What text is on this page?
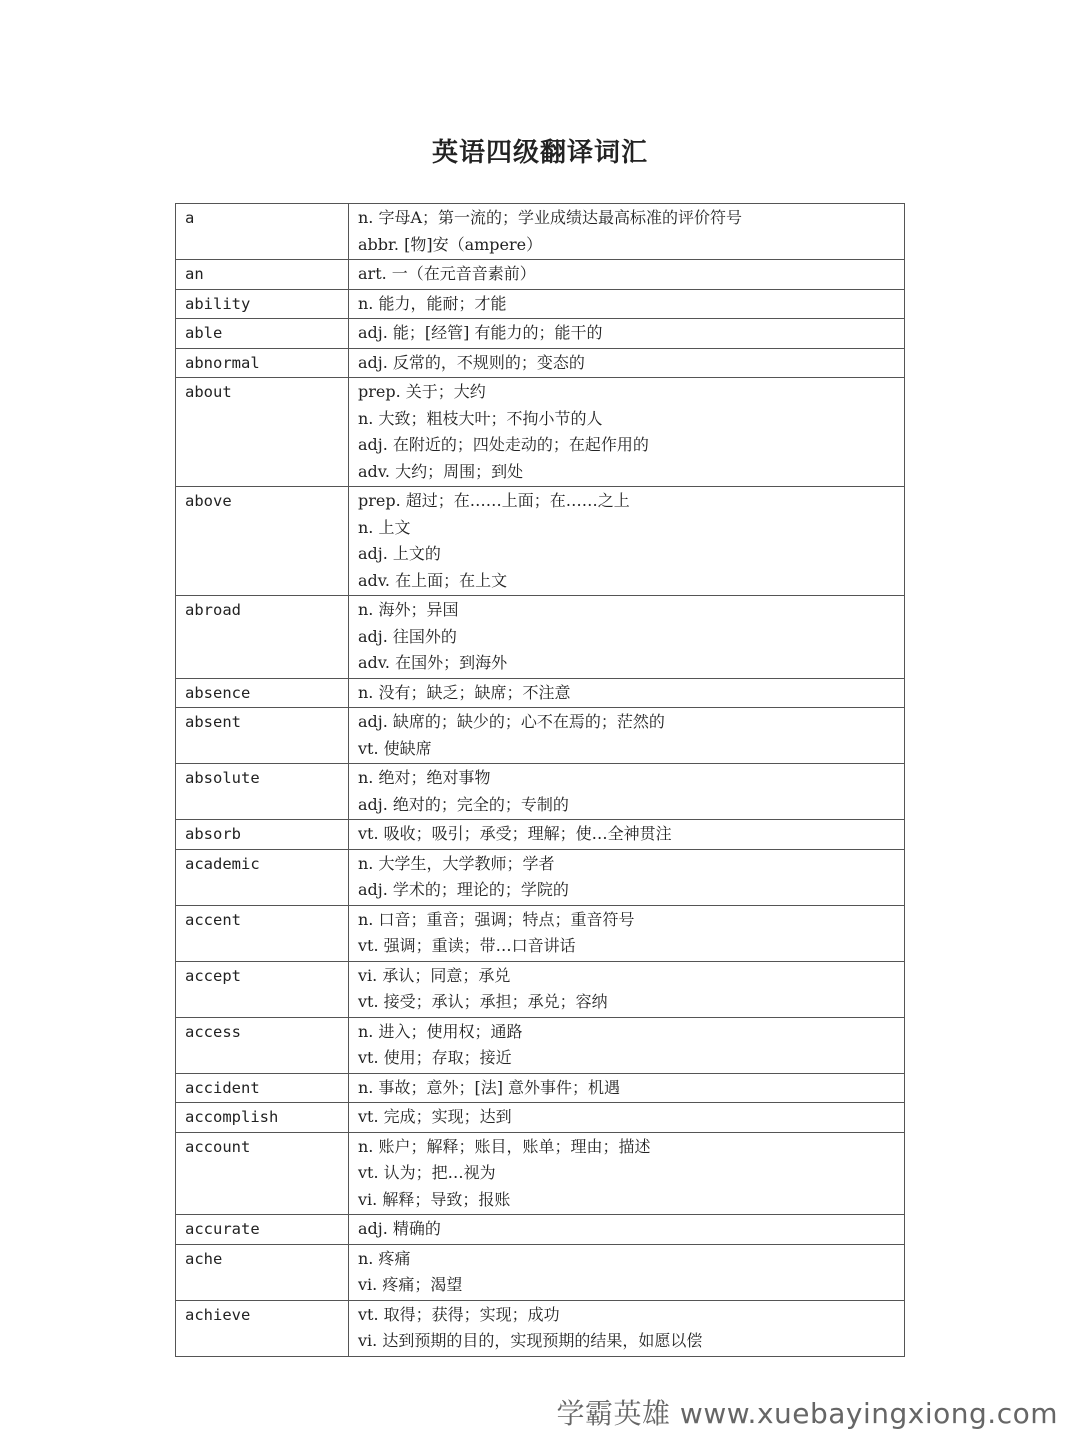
英语四级翻译词汇
a	n. 字母A；第一流的；学业成绩达最高标准的评价符号
abbr. [物]安（ampere）

an	art. 一（在元音音素前）

ability	n. 能力，能耐；才能

able	adj. 能；[经管] 有能力的；能干的

abnormal	adj. 反常的，不规则的；变态的

about	prep. 关于；大约
n. 大致；粗枝大叶；不拘小节的人
adj. 在附近的；四处走动的；在起作用的
adv. 大约；周围；到处

above	prep. 超过；在……上面；在……之上
n. 上文
adj. 上文的
adv. 在上面；在上文

abroad	n. 海外；异国
adj. 往国外的
adv. 在国外；到海外

absence	n. 没有；缺乏；缺席；不注意

absent	adj. 缺席的；缺少的；心不在焉的；茫然的
vt. 使缺席

absolute	n. 绝对；绝对事物
adj. 绝对的；完全的；专制的

absorb	vt. 吸收；吸引；承受；理解；使…全神贯注

academic	n. 大学生，大学教师；学者
adj. 学术的；理论的；学院的

accent	n. 口音；重音；强调；特点；重音符号
vt. 强调；重读；带…口音讲话

accept	vi. 承认；同意；承兑
vt. 接受；承认；承担；承兑；容纳

access	n. 进入；使用权；通路
vt. 使用；存取；接近

accident	n. 事故；意外；[法] 意外事件；机遇

accomplish	vt. 完成；实现；达到

account	n. 账户；解释；账目，账单；理由；描述
vt. 认为；把…视为
vi. 解释；导致；报账

accurate	adj. 精确的

ache	n. 疼痛
vi. 疼痛；渴望

achieve	vt. 取得；获得；实现；成功
vi. 达到预期的目的，实现预期的结果，如愿以偿
学霸英雄 www.xuebayingxiong.com
